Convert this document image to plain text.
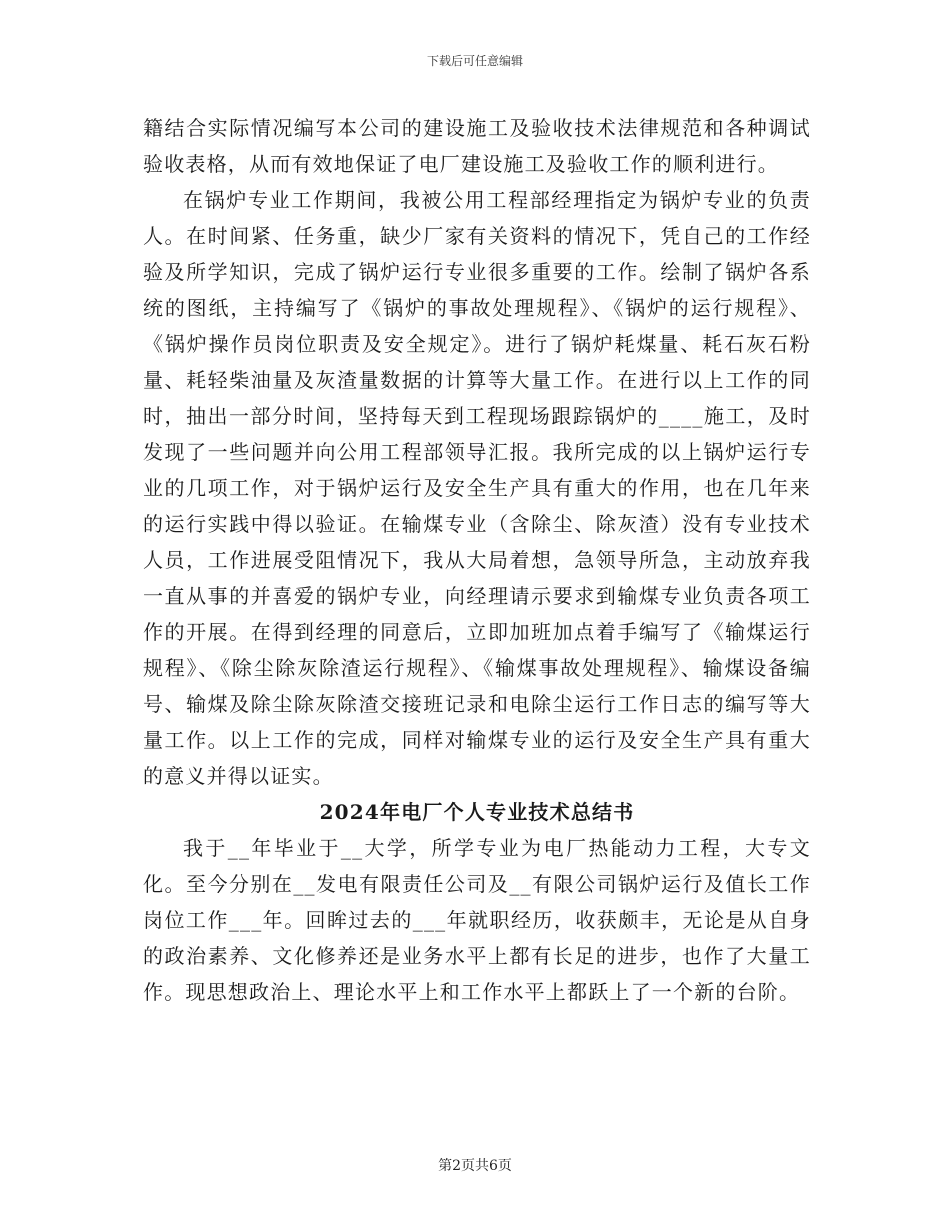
下载后可任意编辑

籍结合实际情况编写本公司的建设施工及验收技术法律规范和各种调试验收表格，从而有效地保证了电厂建设施工及验收工作的顺利进行。

在锅炉专业工作期间，我被公用工程部经理指定为锅炉专业的负责人。在时间紧、任务重，缺少厂家有关资料的情况下，凭自己的工作经验及所学知识，完成了锅炉运行专业很多重要的工作。绘制了锅炉各系统的图纸，主持编写了《锅炉的事故处理规程》、《锅炉的运行规程》、《锅炉操作员岗位职责及安全规定》。进行了锅炉耗煤量、耗石灰石粉量、耗轻柴油量及灰渣量数据的计算等大量工作。在进行以上工作的同时，抽出一部分时间，坚持每天到工程现场跟踪锅炉的____施工，及时发现了一些问题并向公用工程部领导汇报。我所完成的以上锅炉运行专业的几项工作，对于锅炉运行及安全生产具有重大的作用，也在几年来的运行实践中得以验证。在输煤专业（含除尘、除灰渣）没有专业技术人员，工作进展受阻情况下，我从大局着想，急领导所急，主动放弃我一直从事的并喜爱的锅炉专业，向经理请示要求到输煤专业负责各项工作的开展。在得到经理的同意后，立即加班加点着手编写了《输煤运行规程》、《除尘除灰除渣运行规程》、《输煤事故处理规程》、输煤设备编号、输煤及除尘除灰除渣交接班记录和电除尘运行工作日志的编写等大量工作。以上工作的完成，同样对输煤专业的运行及安全生产具有重大的意义并得以证实。

2024年电厂个人专业技术总结书

我于__年毕业于__大学，所学专业为电厂热能动力工程，大专文化。至今分别在__发电有限责任公司及__有限公司锅炉运行及值长工作岗位工作___年。回眸过去的___年就职经历，收获颇丰，无论是从自身的政治素养、文化修养还是业务水平上都有长足的进步，也作了大量工作。现思想政治上、理论水平上和工作水平上都跃上了一个新的台阶。

第2页共6页
